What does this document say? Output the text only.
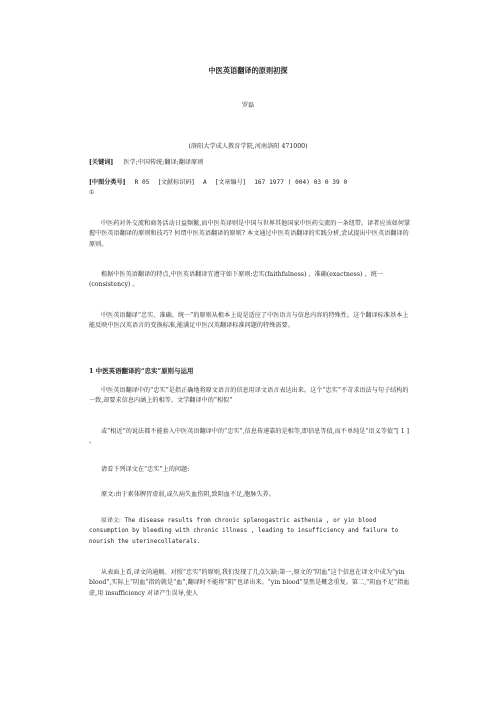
中医英语翻译的原则初探
罗磊
(洛阳大学成人教育学院,河南洛阳 471000)
[关键词] 医学;中国传统;翻译;翻译原则
[中图分类号] R 05 [文献标识码] A [文章编号] 167 1977 ( 004) 03 0 39 0
①
中医药对外交流和商务活动日益频繁,而中医英译则是中国与世界其他国家中医药交流的一条纽带。译者应该如何掌握中医英语翻译的原则和技巧? 何谓中医英语翻译的原则? 本文通过中医英语翻译的实践分析,尝试提出中医英语翻译的原则。
根据中医英语翻译的特点,中医英语翻译宜遵守如下原则:忠实(faithfulness) 、准确(exactness) 、统一(consistency) 。
中医英语翻译“忠实、准确、统一”的原则从根本上说是适应了中医语言与信息内容的特殊性。这个翻译标准基本上能反映中医汉英语言的变换标准,能满足中医汉英翻译标准问题的特殊需要。
1 中医英语翻译的“忠实”原则与运用
中医英语翻译中的“忠实”是指正确地将原文语言的信息用译文语言表达出来。这个“忠实”不苛求语法与句子结构的一致,却要求信息内涵上的相等。文学翻译中的“相似”
或“相近”的说法都不能套入中医英语翻译中的“忠实”,信息传递靠的是相等,即信息等值,而不单纯是“语义等值”[ 1 ] 。
请看下列译文在“忠实”上的问题:
原文:由于素体脾胃虚弱,或久病失血伤阴,致阴血不足,胞脉失养。
原译文: The disease results from chronic splenogastric asthenia , or yin blood consumption by bleeding with chronic illness , leading to insufficiency and failure to nourish the uterinecollaterals.
从表面上看,译文尚通顺。对照“忠实”的原则,我们发现了几点欠缺:第一,原文的“阴血”这个信息在译文中成为“yin blood”,实际上“阴血”指的就是“血”,翻译时不能将“阴”也译出来。“yin blood”显然是概念重复。第二,“阴血不足”指血虚,用 insufficiency 对译产生误导,使人
